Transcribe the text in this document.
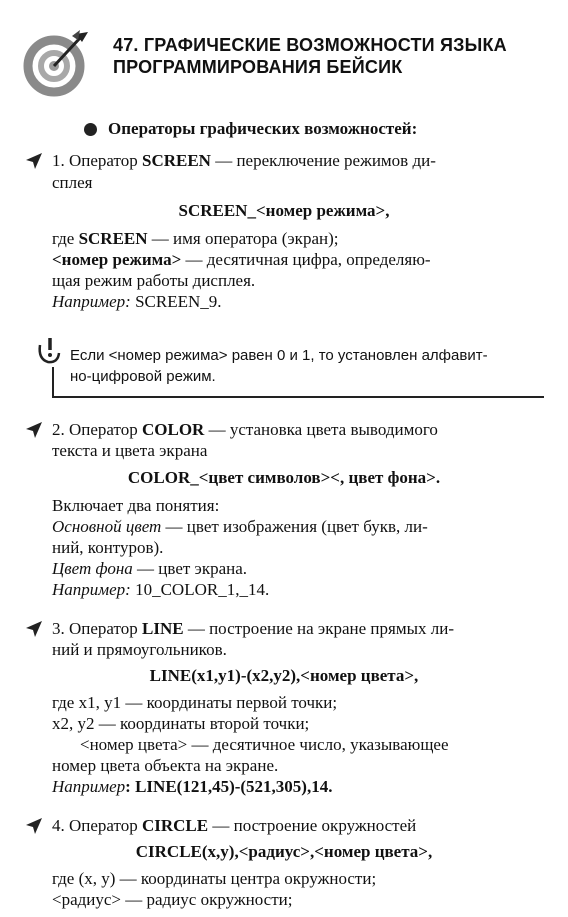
47. ГРАФИЧЕСКИЕ ВОЗМОЖНОСТИ ЯЗЫКА
ПРОГРАММИРОВАНИЯ БЕЙСИК
Операторы графических возможностей:
1. Оператор SCREEN — переключение режимов ди-
сплея
SCREEN_<номер режима>,
где SCREEN — имя оператора (экран);
<номер режима> — десятичная цифра, определяю-
щая режим работы дисплея.
Например: SCREEN_9.
Если <номер режима> равен 0 и 1, то установлен алфавит-
но-цифровой режим.
2. Оператор COLOR — установка цвета выводимого
текста и цвета экрана
COLOR_<цвет символов><, цвет фона>.
Включает два понятия:
Основной цвет — цвет изображения (цвет букв, ли-
ний, контуров).
Цвет фона — цвет экрана.
Например: 10_COLOR_1,_14.
3. Оператор LINE — построение на экране прямых ли-
ний и прямоугольников.
LINE(x1,y1)-(x2,y2),<номер цвета>,
где x1, y1 — координаты первой точки;
x2, y2 — координаты второй точки;
<номер цвета> — десятичное число, указывающее
номер цвета объекта на экране.
Например: LINE(121,45)-(521,305),14.
4. Оператор CIRCLE — построение окружностей
CIRCLE(x,y),<радиус>,<номер цвета>,
где (x, y) — координаты центра окружности;
<радиус> — радиус окружности;
